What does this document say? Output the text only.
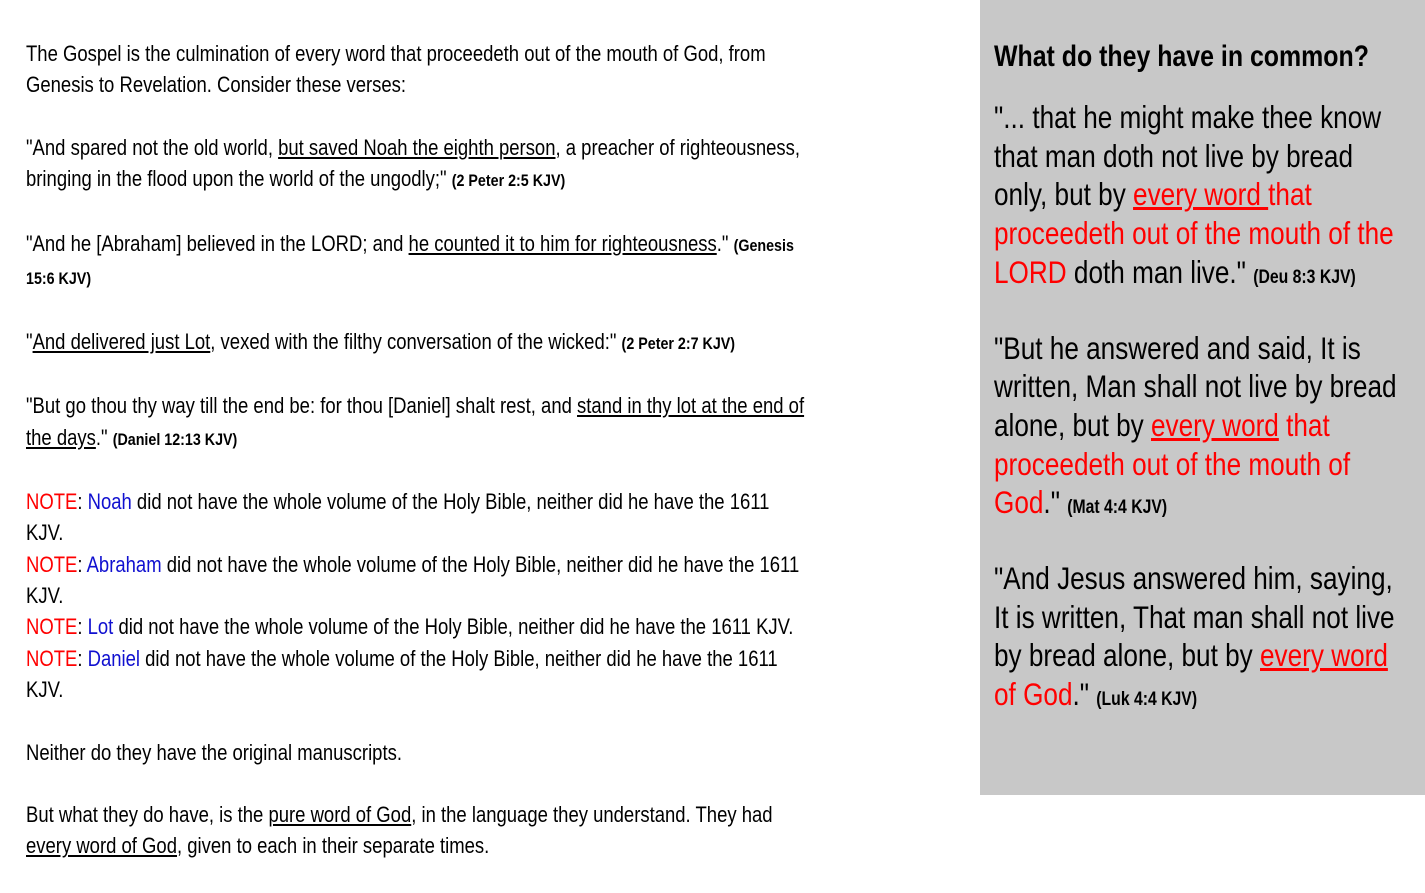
The Gospel is the culmination of every word that proceedeth out of the mouth of God, from Genesis to Revelation. Consider these verses:

"And spared not the old world, but saved Noah the eighth person, a preacher of righteousness, bringing in the flood upon the world of the ungodly;" (2 Peter 2:5 KJV)

"And he [Abraham] believed in the LORD; and he counted it to him for righteousness." (Genesis 15:6 KJV)

"And delivered just Lot, vexed with the filthy conversation of the wicked:" (2 Peter 2:7 KJV)

"But go thou thy way till the end be: for thou [Daniel] shalt rest, and stand in thy lot at the end of the days." (Daniel 12:13 KJV)

NOTE: Noah did not have the whole volume of the Holy Bible, neither did he have the 1611 KJV.
NOTE: Abraham did not have the whole volume of the Holy Bible, neither did he have the 1611 KJV.
NOTE: Lot did not have the whole volume of the Holy Bible, neither did he have the 1611 KJV.
NOTE: Daniel did not have the whole volume of the Holy Bible, neither did he have the 1611 KJV.

Neither do they have the original manuscripts.

But what they do have, is the pure word of God, in the language they understand. They had every word of God, given to each in their separate times.

What do they have in common?

"... that he might make thee know that man doth not live by bread only, but by every word that proceedeth out of the mouth of the LORD doth man live." (Deu 8:3 KJV)

"But he answered and said, It is written, Man shall not live by bread alone, but by every word that proceedeth out of the mouth of God." (Mat 4:4 KJV)

"And Jesus answered him, saying, It is written, That man shall not live by bread alone, but by every word of God." (Luk 4:4 KJV)
